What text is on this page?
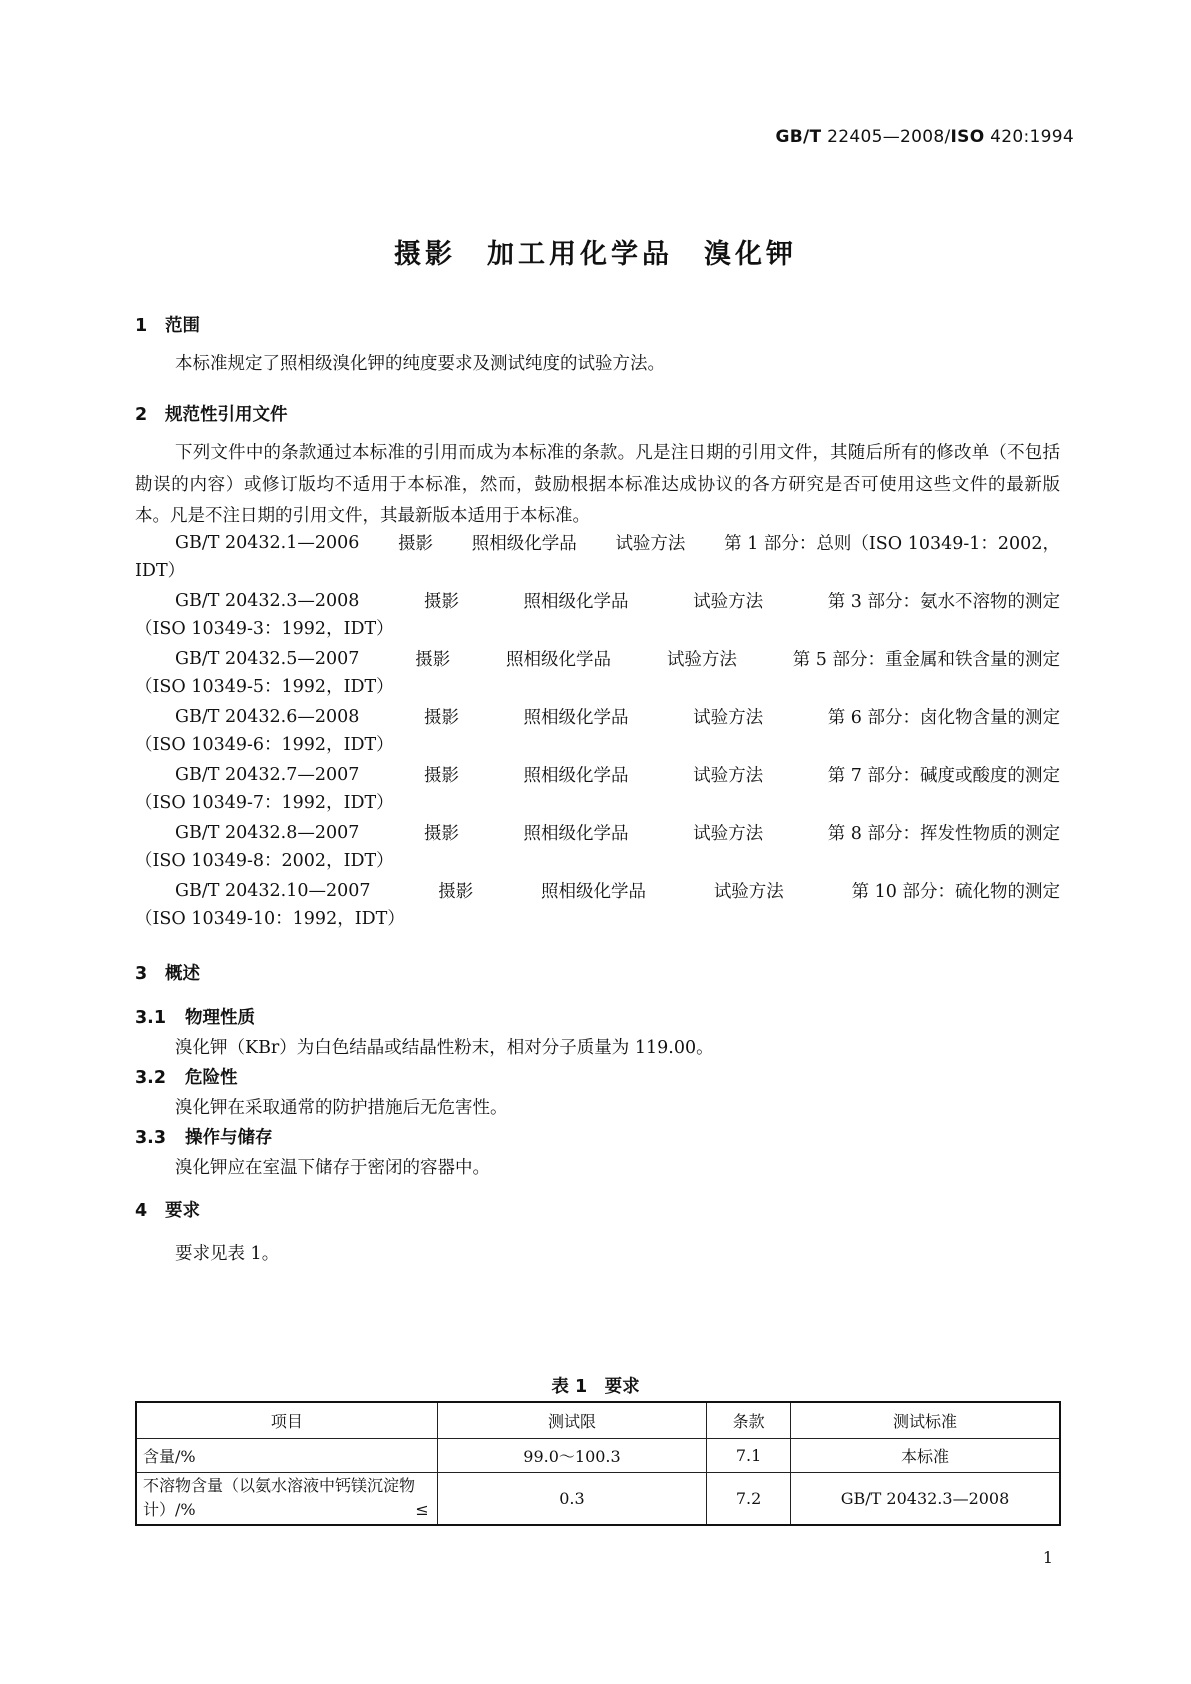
GB/T 22405—2008/ISO 420:1994
摄影　加工用化学品　溴化钾
1 范围
本标准规定了照相级溴化钾的纯度要求及测试纯度的试验方法。
2 规范性引用文件
下列文件中的条款通过本标准的引用而成为本标准的条款。凡是注日期的引用文件，其随后所有的修改单（不包括勘误的内容）或修订版均不适用于本标准，然而，鼓励根据本标准达成协议的各方研究是否可使用这些文件的最新版本。凡是不注日期的引用文件，其最新版本适用于本标准。
GB/T 20432.1—2006 摄影 照相级化学品 试验方法 第 1 部分：总则（ISO 10349-1：2002，
IDT）
GB/T 20432.3—2008	摄影	照相级化学品	试验方法	第 3 部分：氨水不溶物的测定
（ISO 10349-3：1992，IDT）
GB/T 20432.5—2007	摄影	照相级化学品	试验方法	第 5 部分：重金属和铁含量的测定
（ISO 10349-5：1992，IDT）
GB/T 20432.6—2008	摄影	照相级化学品	试验方法	第 6 部分：卤化物含量的测定
（ISO 10349-6：1992，IDT）
GB/T 20432.7—2007	摄影	照相级化学品	试验方法	第 7 部分：碱度或酸度的测定
（ISO 10349-7：1992，IDT）
GB/T 20432.8—2007	摄影	照相级化学品	试验方法	第 8 部分：挥发性物质的测定
（ISO 10349-8：2002，IDT）
GB/T 20432.10—2007	摄影	照相级化学品	试验方法	第 10 部分：硫化物的测定
（ISO 10349-10：1992，IDT）
3 概述
3.1 物理性质
溴化钾（KBr）为白色结晶或结晶性粉末，相对分子质量为 119.00。
3.2 危险性
溴化钾在采取通常的防护措施后无危害性。
3.3 操作与储存
溴化钾应在室温下储存于密闭的容器中。
4 要求
要求见表 1。
表 1　要求
项目	测试限	条款	测试标准
含量/%	99.0～100.3	7.1	本标准
不溶物含量（以氨水溶液中钙镁沉淀物计）/% ≤	0.3	7.2	GB/T 20432.3—2008
1
